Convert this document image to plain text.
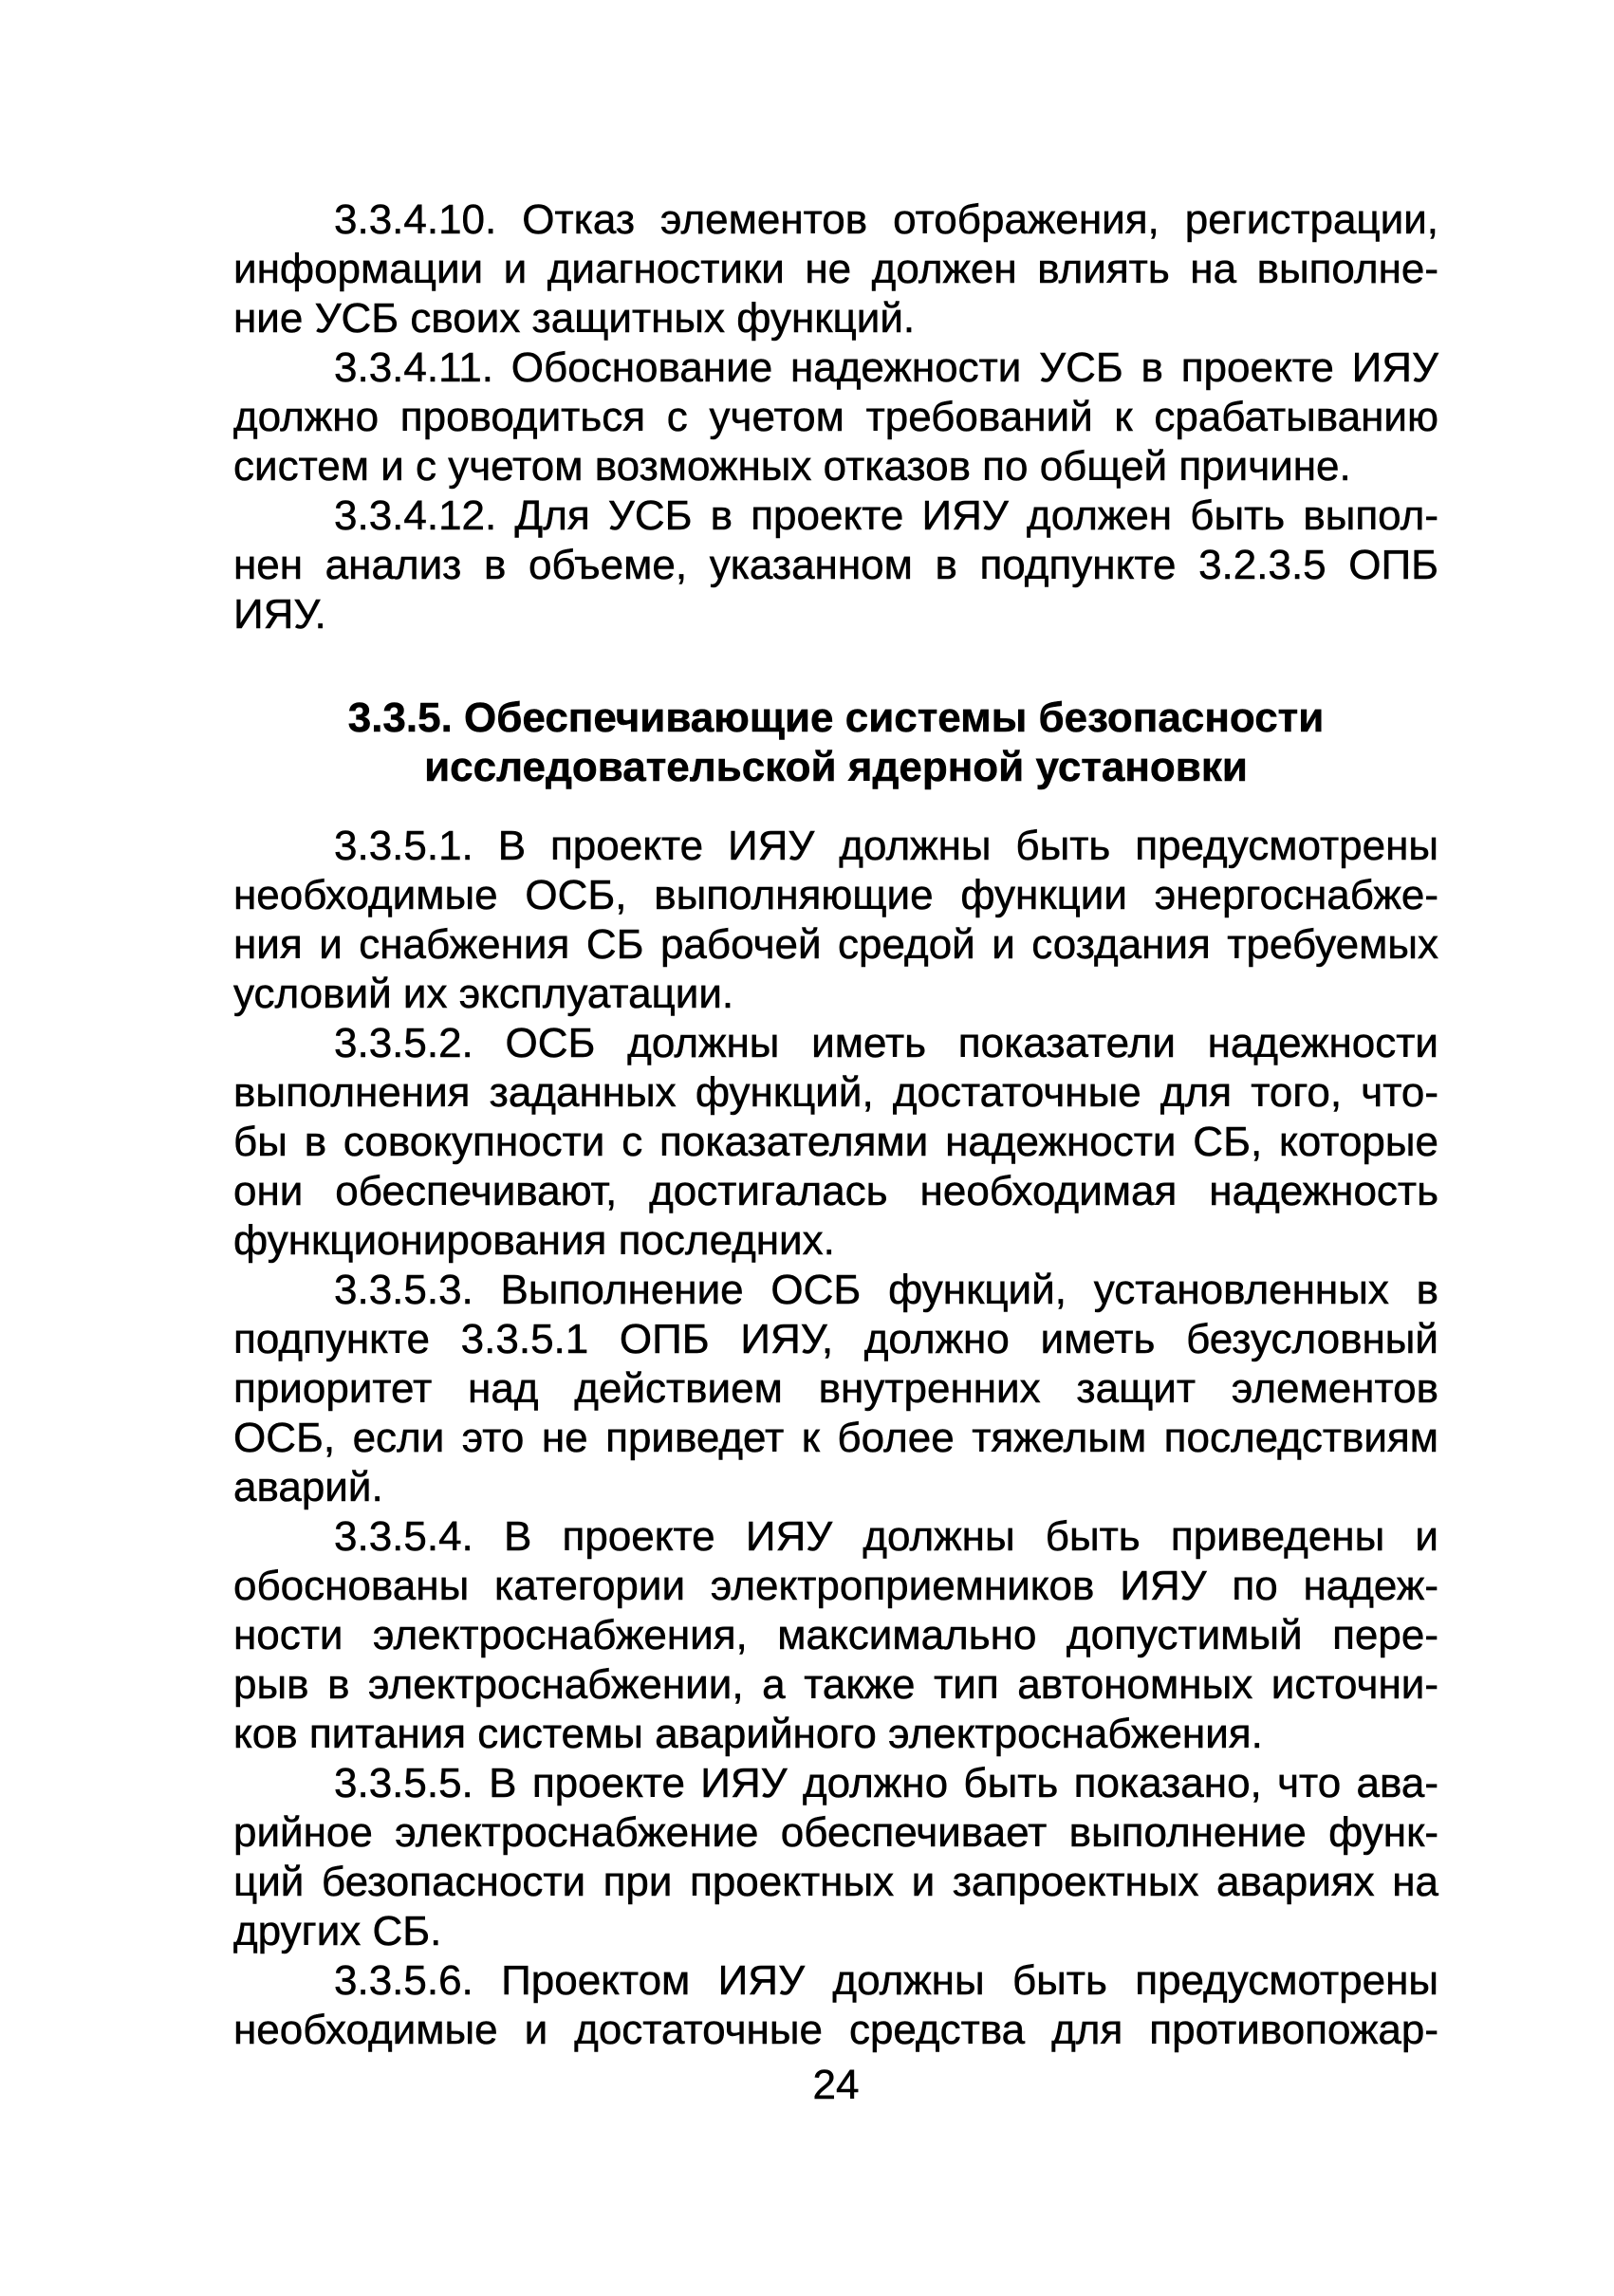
3.3.4.10. Отказ элементов отображения, регистрации,
информации и диагностики не должен влиять на выполне-
ние УСБ своих защитных функций.
3.3.4.11. Обоснование надежности УСБ в проекте ИЯУ
должно проводиться с учетом требований к срабатыванию
систем и с учетом возможных отказов по общей причине.
3.3.4.12. Для УСБ в проекте ИЯУ должен быть выпол-
нен анализ в объеме, указанном в подпункте 3.2.3.5 ОПБ
ИЯУ.
3.3.5. Обеспечивающие системы безопасности
исследовательской ядерной установки
3.3.5.1. В проекте ИЯУ должны быть предусмотрены
необходимые ОСБ, выполняющие функции энергоснабже-
ния и снабжения СБ рабочей средой и создания требуемых
условий их эксплуатации.
3.3.5.2. ОСБ должны иметь показатели надежности
выполнения заданных функций, достаточные для того, что-
бы в совокупности с показателями надежности СБ, которые
они обеспечивают, достигалась необходимая надежность
функционирования последних.
3.3.5.3. Выполнение ОСБ функций, установленных в
подпункте 3.3.5.1 ОПБ ИЯУ, должно иметь безусловный
приоритет над действием внутренних защит элементов
ОСБ, если это не приведет к более тяжелым последствиям
аварий.
3.3.5.4. В проекте ИЯУ должны быть приведены и
обоснованы категории электроприемников ИЯУ по надеж-
ности электроснабжения, максимально допустимый пере-
рыв в электроснабжении, а также тип автономных источни-
ков питания системы аварийного электроснабжения.
3.3.5.5. В проекте ИЯУ должно быть показано, что ава-
рийное электроснабжение обеспечивает выполнение функ-
ций безопасности при проектных и запроектных авариях на
других СБ.
3.3.5.6. Проектом ИЯУ должны быть предусмотрены
необходимые и достаточные средства для противопожар-
24
